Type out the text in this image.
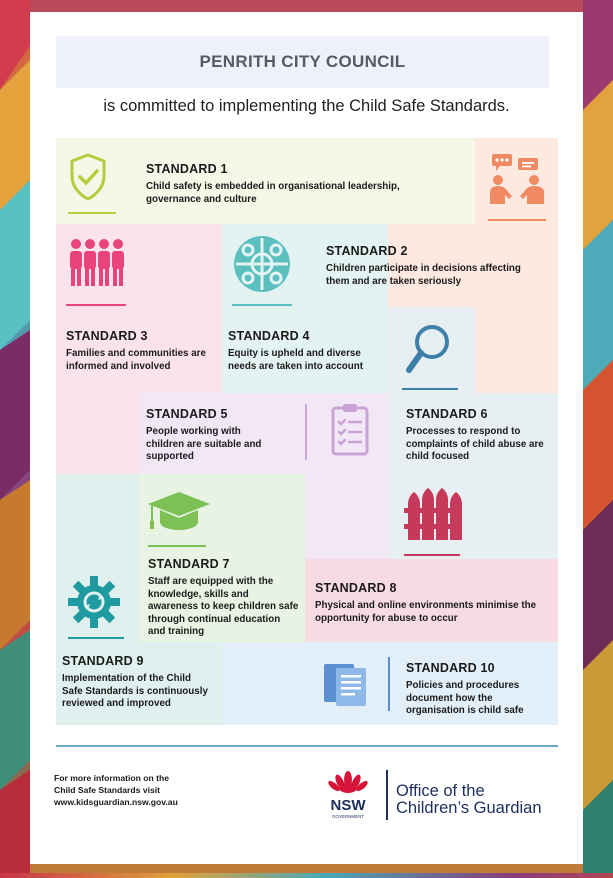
PENRITH CITY COUNCIL
is committed to implementing the Child Safe Standards.
STANDARD 1
Child safety is embedded in organisational leadership, governance and culture
STANDARD 2
Children participate in decisions affecting them and are taken seriously
STANDARD 3
Families and communities are informed and involved
STANDARD 4
Equity is upheld and diverse needs are taken into account
STANDARD 5
People working with children are suitable and supported
STANDARD 6
Processes to respond to complaints of child abuse are child focused
STANDARD 7
Staff are equipped with the knowledge, skills and awareness to keep children safe through continual education and training
STANDARD 8
Physical and online environments minimise the opportunity for abuse to occur
STANDARD 9
Implementation of the Child Safe Standards is continuously reviewed and improved
STANDARD 10
Policies and procedures document how the organisation is child safe
For more information on the
Child Safe Standards visit
www.kidsguardian.nsw.gov.au	NSW
GOVERNMENT
Office of the
Children’s Guardian
